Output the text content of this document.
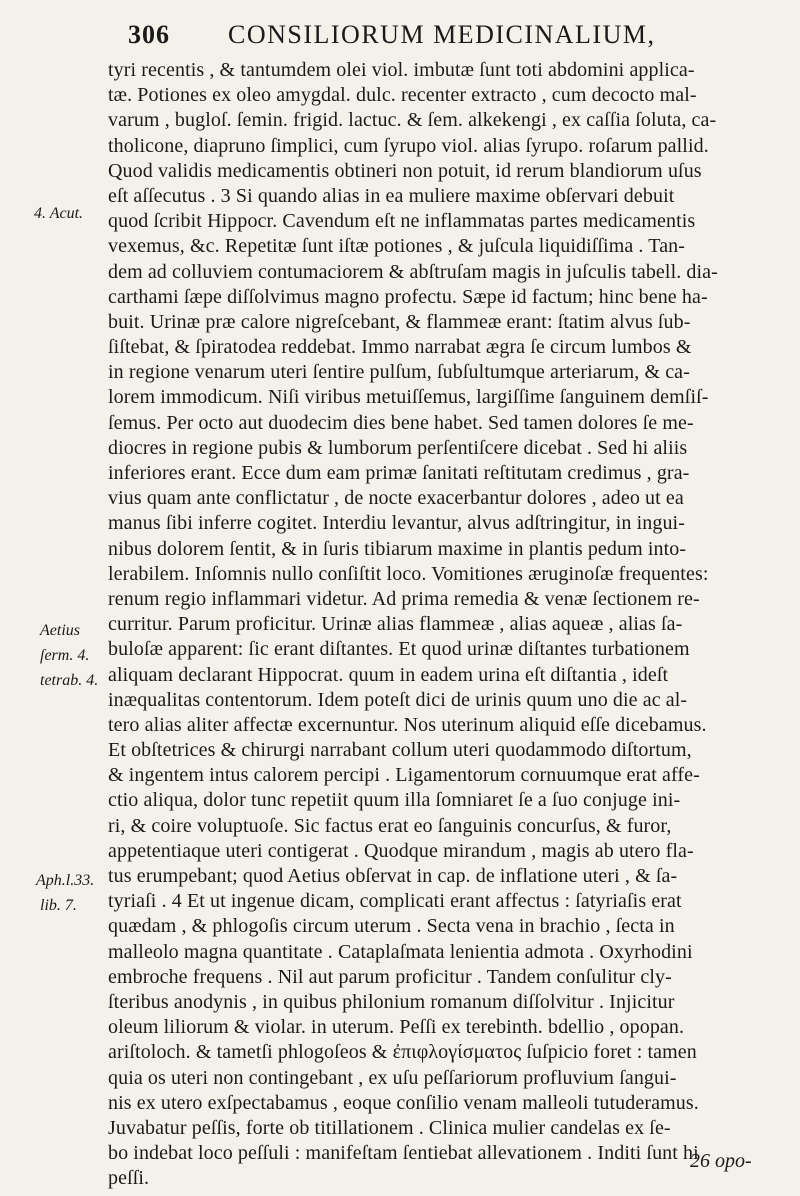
306 CONSILIORUM MEDICINALIUM,
tyri recentis , & tantumdem olei viol. imbutæ ſunt toti abdomini applica-
tæ. Potiones ex oleo amygdal. dulc. recenter extracto , cum decocto mal-
varum , bugloſ. ſemin. frigid. lactuc. & ſem. alkekengi , ex caſſia ſoluta, ca-
tholicone, diapruno ſimplici, cum ſyrupo viol. alias ſyrupo. roſarum pallid.
Quod validis medicamentis obtineri non potuit, id rerum blandiorum uſus
eſt aſſecutus . 3 Si quando alias in ea muliere maxime obſervari debuit
quod ſcribit Hippocr. Cavendum eſt ne inflammatas partes medicamentis
vexemus, &c. Repetitæ ſunt iſtæ potiones , & juſcula liquidiſſima . Tan-
dem ad colluviem contumaciorem & abſtruſam magis in juſculis tabell. dia-
carthami ſæpe diſſolvimus magno profectu. Sæpe id factum; hinc bene ha-
buit. Urinæ præ calore nigreſcebant, & flammeæ erant: ſtatim alvus ſub-
ſiſtebat, & ſpiratodea reddebat. Immo narrabat ægra ſe circum lumbos &
in regione venarum uteri ſentire pulſum, ſubſultumque arteriarum, & ca-
lorem immodicum. Niſi viribus metuiſſemus, largiſſime ſanguinem demſiſ-
ſemus. Per octo aut duodecim dies bene habet. Sed tamen dolores ſe me-
diocres in regione pubis & lumborum perſentiſcere dicebat . Sed hi aliis
inferiores erant. Ecce dum eam primæ ſanitati reſtitutam credimus , gra-
vius quam ante conflictatur , de nocte exacerbantur dolores , adeo ut ea
manus ſibi inferre cogitet. Interdiu levantur, alvus adſtringitur, in ingui-
nibus dolorem ſentit, & in ſuris tibiarum maxime in plantis pedum into-
lerabilem. Inſomnis nullo conſiſtit loco. Vomitiones æruginoſæ frequentes:
renum regio inflammari videtur. Ad prima remedia & venæ ſectionem re-
curritur. Parum proficitur. Urinæ alias flammeæ , alias aqueæ , alias ſa-
buloſæ apparent: ſic erant diſtantes. Et quod urinæ diſtantes turbationem
aliquam declarant Hippocrat. quum in eadem urina eſt diſtantia , ideſt
inæqualitas contentorum. Idem poteſt dici de urinis quum uno die ac al-
tero alias aliter affectæ excernuntur. Nos uterinum aliquid eſſe dicebamus.
Et obſtetrices & chirurgi narrabant collum uteri quodammodo diſtortum,
& ingentem intus calorem percipi . Ligamentorum cornuumque erat affe-
ctio aliqua, dolor tunc repetiit quum illa ſomniaret ſe a ſuo conjuge ini-
ri, & coire voluptuoſe. Sic factus erat eo ſanguinis concurſus, & furor,
appetentiaque uteri contigerat . Quodque mirandum , magis ab utero fla-
tus erumpebant; quod Aetius obſervat in cap. de inflatione uteri , & ſa-
tyriaſi . 4 Et ut ingenue dicam, complicati erant affectus : ſatyriaſis erat
quædam , & phlogoſis circum uterum . Secta vena in brachio , ſecta in
malleolo magna quantitate . Cataplaſmata lenientia admota . Oxyrhodini
embroche frequens . Nil aut parum proficitur . Tandem conſulitur cly-
ſteribus anodynis , in quibus philonium romanum diſſolvitur . Injicitur
oleum liliorum & violar. in uterum. Peſſi ex terebinth. bdellio , opopan.
ariſtoloch. & tametſi phlogoſeos & ἐπιφλογίσματος ſuſpicio foret : tamen
quia os uteri non contingebant , ex uſu peſſariorum profluvium ſangui-
nis ex utero exſpectabamus , eoque conſilio venam malleoli tutuderamus.
Juvabatur peſſis, forte ob titillationem . Clinica mulier candelas ex ſe-
bo indebat loco peſſuli : manifeſtam ſentiebat allevationem . Inditi ſunt hi
peſſi.
4. Acut.
Aetius
ſerm. 4.
tetrab. 4.
Aph.l.33.
lib. 7.
26 opo-
